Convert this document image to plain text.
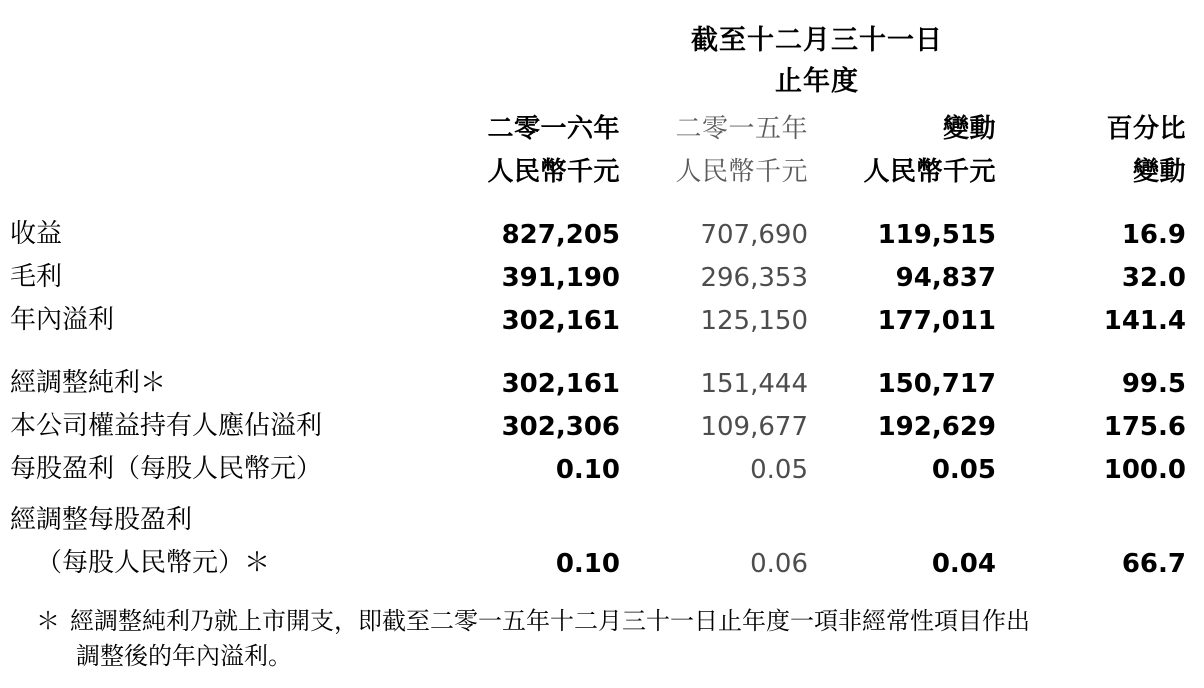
	截至十二月三十一日			
	止年度			
	二零一六年	二零一五年	變動	百分比
	人民幣千元	人民幣千元	人民幣千元	變動
收益	827,205	707,690	119,515	16.9
毛利	391,190	296,353	94,837	32.0
年內溢利	302,161	125,150	177,011	141.4

經調整純利＊	302,161	151,444	150,717	99.5
本公司權益持有人應佔溢利	302,306	109,677	192,629	175.6
每股盈利（每股人民幣元）	0.10	0.05	0.05	100.0

經調整每股盈利				
（每股人民幣元）＊	0.10	0.06	0.04	66.7
＊ 經調整純利乃就上市開支，即截至二零一五年十二月三十一日止年度一項非經常性項目作出
調整後的年內溢利。
